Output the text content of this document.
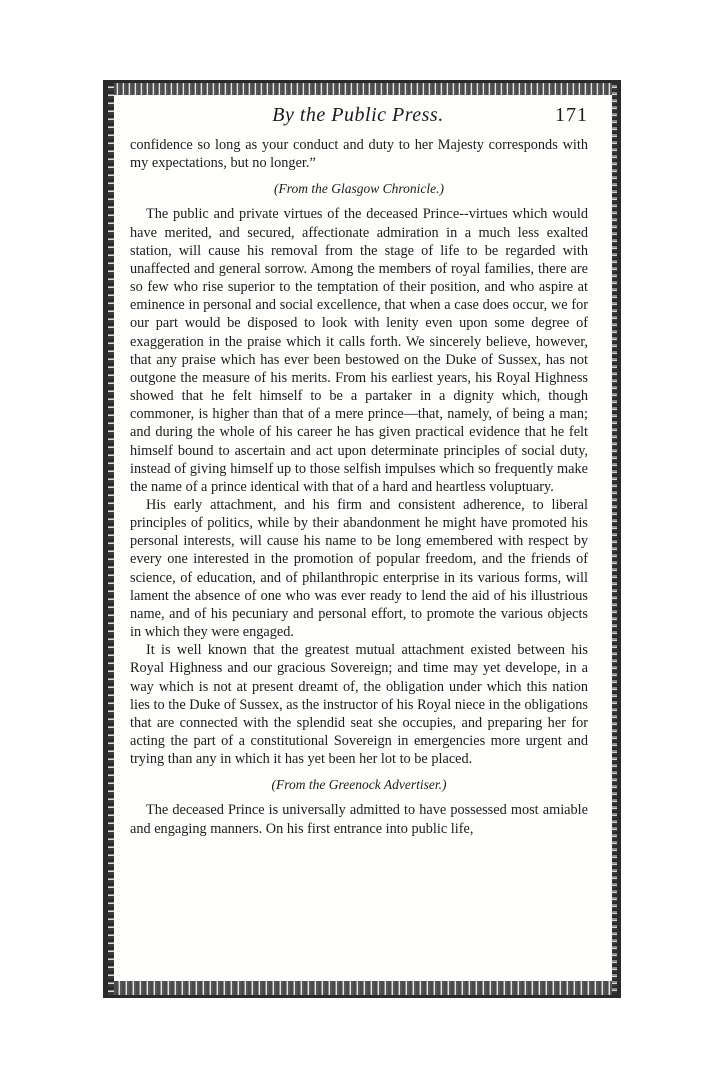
By the Public Press.	171

confidence so long as your conduct and duty to her Majesty corresponds with my expectations, but no longer.”

(From the Glasgow Chronicle.)

The public and private virtues of the deceased Prince--virtues which would have merited, and secured, affectionate admiration in a much less exalted station, will cause his removal from the stage of life to be regarded with unaffected and general sorrow. Among the members of royal families, there are so few who rise superior to the temptation of their position, and who aspire at eminence in personal and social excellence, that when a case does occur, we for our part would be disposed to look with lenity even upon some degree of exaggeration in the praise which it calls forth. We sincerely believe, however, that any praise which has ever been bestowed on the Duke of Sussex, has not outgone the measure of his merits. From his earliest years, his Royal Highness showed that he felt himself to be a partaker in a dignity which, though commoner, is higher than that of a mere prince—that, namely, of being a man; and during the whole of his career he has given practical evidence that he felt himself bound to ascertain and act upon determinate principles of social duty, instead of giving himself up to those selfish impulses which so frequently make the name of a prince identical with that of a hard and heartless voluptuary.

His early attachment, and his firm and consistent adherence, to liberal principles of politics, while by their abandonment he might have promoted his personal interests, will cause his name to be long emembered with respect by every one interested in the promotion of popular freedom, and the friends of science, of education, and of philanthropic enterprise in its various forms, will lament the absence of one who was ever ready to lend the aid of his illustrious name, and of his pecuniary and personal effort, to promote the various objects in which they were engaged.

It is well known that the greatest mutual attachment existed between his Royal Highness and our gracious Sovereign; and time may yet develope, in a way which is not at present dreamt of, the obligation under which this nation lies to the Duke of Sussex, as the instructor of his Royal niece in the obligations that are connected with the splendid seat she occupies, and preparing her for acting the part of a constitutional Sovereign in emergencies more urgent and trying than any in which it has yet been her lot to be placed.

(From the Greenock Advertiser.)

The deceased Prince is universally admitted to have possessed most amiable and engaging manners. On his first entrance into public life,
